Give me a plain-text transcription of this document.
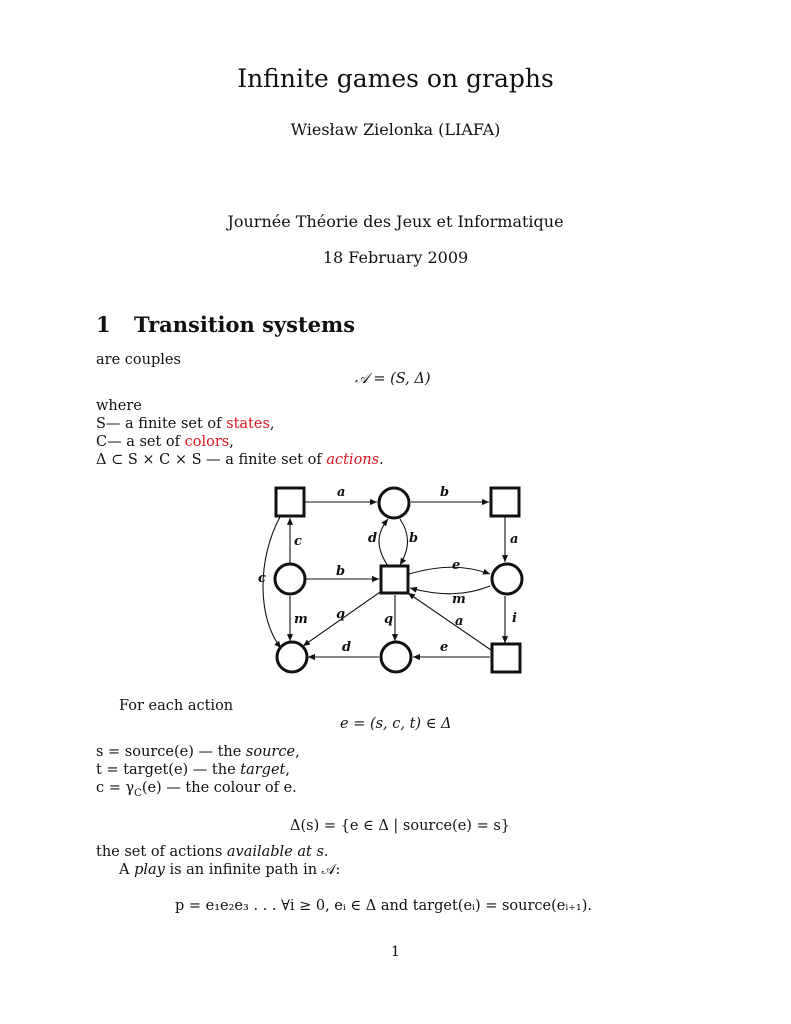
Infinite games on graphs
Wiesław Zielonka (LIAFA)
Journée Théorie des Jeux et Informatique
18 February 2009
1 Transition systems
are couples
𝒜 = (S, Δ)
where
S— a finite set of states,
C— a set of colors,
Δ ⊂ S × C × S — a finite set of actions.
a	b
c	d b	a
c	b	e
m
m q	q	a	i
d	e
For each action
e = (s, c, t) ∈ Δ
s = source(e) — the source,
t = target(e) — the target,
$c = \gamma_C(e)$ — the colour of e.
Δ(s) = {e ∈ Δ | source(e) = s}
the set of actions available at s.
A play is an infinite path in 𝒜:
p = e₁e₂e₃ . . . ∀i ≥ 0, eᵢ ∈ Δ and target(eᵢ) = source(eᵢ₊₁).
1
